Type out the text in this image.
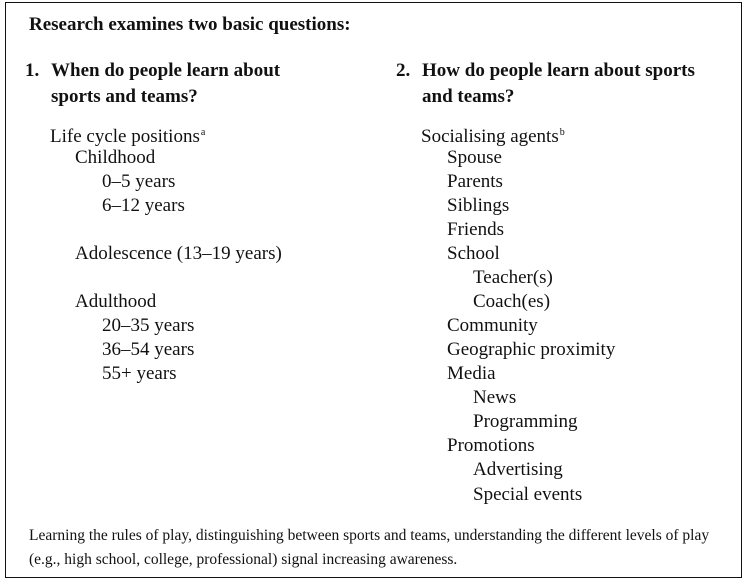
Research examines two basic questions:
1. When do people learn about sports and teams?
2. How do people learn about sports and teams?
Life cycle positions$^a$
Childhood
0–5 years
6–12 years
Adolescence (13–19 years)
Adulthood
20–35 years
36–54 years
55+ years
Socialising agents$^b$
Spouse
Parents
Siblings
Friends
School
Teacher(s)
Coach(es)
Community
Geographic proximity
Media
News
Programming
Promotions
Advertising
Special events
Learning the rules of play, distinguishing between sports and teams, understanding the different levels of play (e.g., high school, college, professional) signal increasing awareness.
